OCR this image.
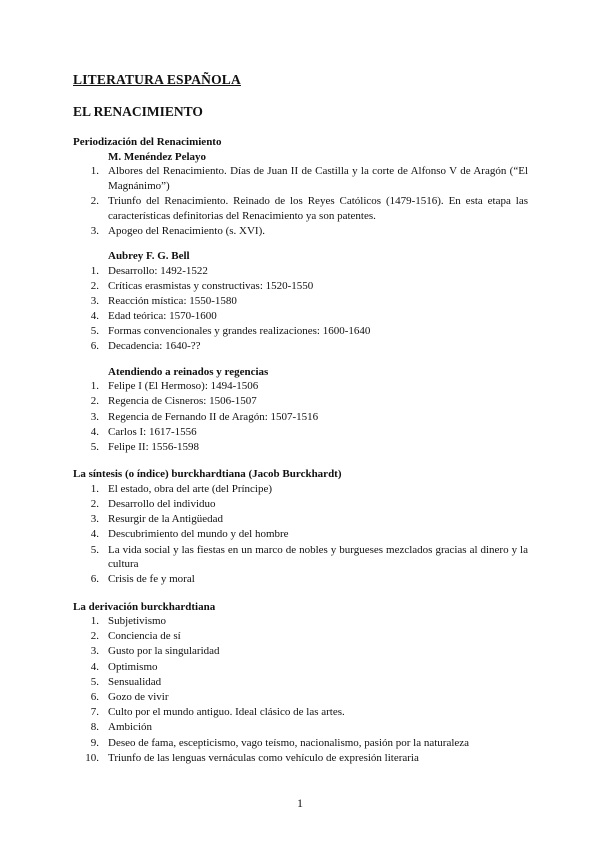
LITERATURA ESPAÑOLA
EL RENACIMIENTO

Periodización del Renacimiento

M. Menéndez Pelayo

1. Albores del Renacimiento. Días de Juan II de Castilla y la corte de Alfonso V de Aragón (“El Magnánimo”)
2. Triunfo del Renacimiento. Reinado de los Reyes Católicos (1479-1516). En esta etapa las características definitorias del Renacimiento ya son patentes.
3. Apogeo del Renacimiento (s. XVI).

Aubrey F. G. Bell

1. Desarrollo: 1492-1522
2. Críticas erasmistas y constructivas: 1520-1550
3. Reacción mística: 1550-1580
4. Edad teórica: 1570-1600
5. Formas convencionales y grandes realizaciones: 1600-1640
6. Decadencia: 1640-??

Atendiendo a reinados y regencias

1. Felipe I (El Hermoso): 1494-1506
2. Regencia de Cisneros: 1506-1507
3. Regencia de Fernando II de Aragón: 1507-1516
4. Carlos I: 1617-1556
5. Felipe II: 1556-1598

La síntesis (o índice) burckhardtiana (Jacob Burckhardt)

1. El estado, obra del arte (del Príncipe)
2. Desarrollo del individuo
3. Resurgir de la Antigüedad
4. Descubrimiento del mundo y del hombre
5. La vida social y las fiestas en un marco de nobles y burgueses mezclados gracias al dinero y la cultura
6. Crisis de fe y moral

La derivación burckhardtiana

1. Subjetivismo
2. Conciencia de sí
3. Gusto por la singularidad
4. Optimismo
5. Sensualidad
6. Gozo de vivir
7. Culto por el mundo antiguo. Ideal clásico de las artes.
8. Ambición
9. Deseo de fama, escepticismo, vago teísmo, nacionalismo, pasión por la naturaleza
10. Triunfo de las lenguas vernáculas como vehículo de expresión literaria
1
